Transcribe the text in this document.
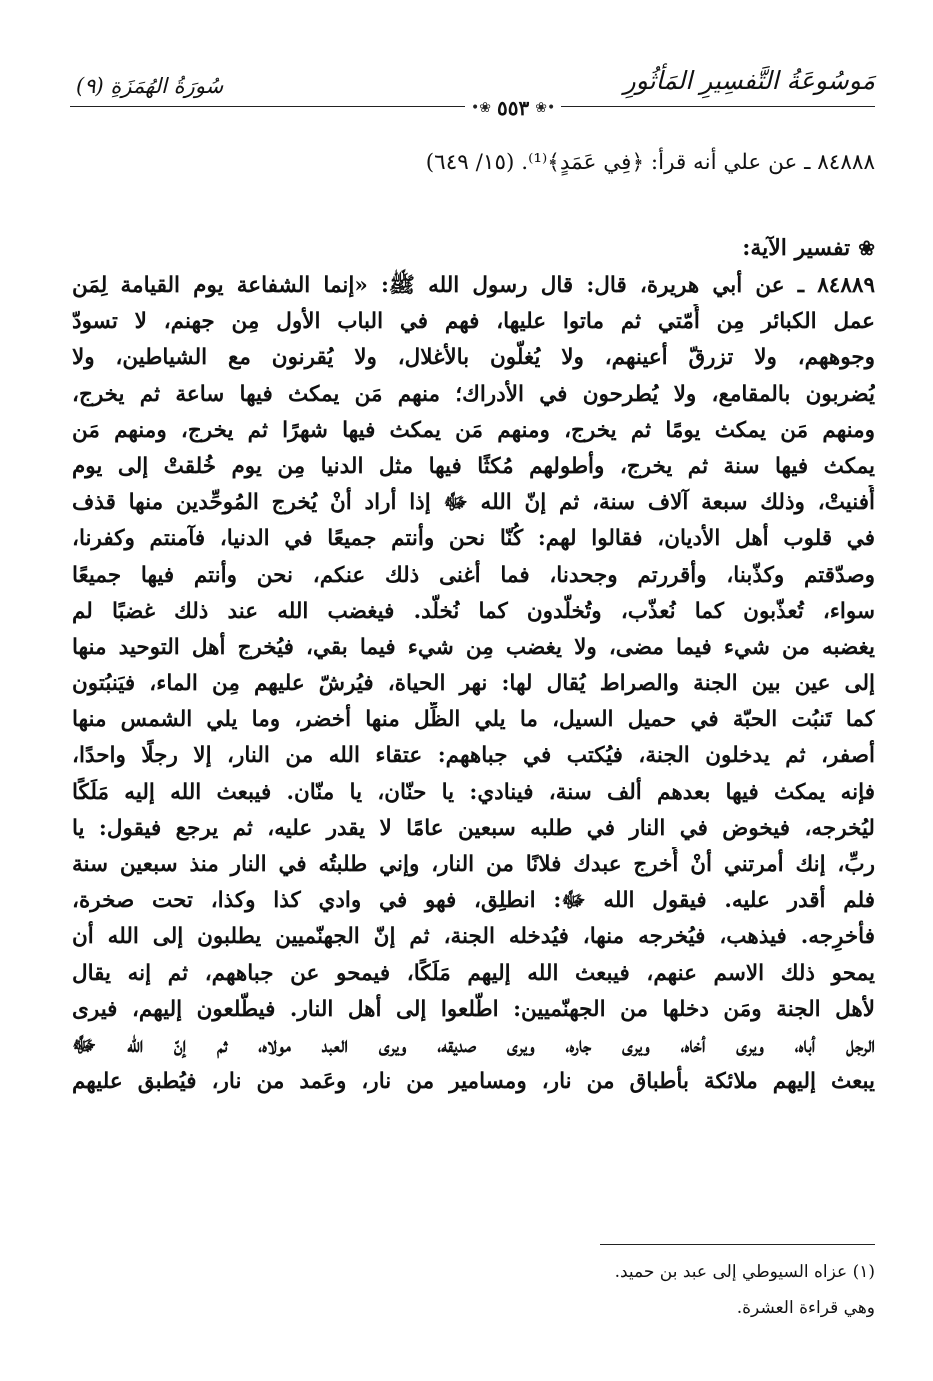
مَوسُوعَةُ التَّفسِيرِ المَأثُورِ
سُورَةُ الهُمَزَةِ (٩)
•❀
٥٥٣
❀•

٨٤٨٨٨ ـ عن علي أنه قرأ: ﴿فِي عَمَدٍ﴾⁽¹⁾. (١٥/ ٦٤٩)

❀
تفسير الآية:
٨٤٨٨٩ ـ عن أبي هريرة، قال: قال رسول الله ﷺ: «إنما الشفاعة يوم القيامة لِمَن
عمل الكبائر مِن أُمّتي ثم ماتوا عليها، فهم في الباب الأول مِن جهنم، لا تسودّ
وجوههم، ولا تزرقّ أعينهم، ولا يُغلّون بالأغلال، ولا يُقرنون مع الشياطين، ولا
يُضربون بالمقامع، ولا يُطرحون في الأدراك؛ منهم مَن يمكث فيها ساعة ثم يخرج،
ومنهم مَن يمكث يومًا ثم يخرج، ومنهم مَن يمكث فيها شهرًا ثم يخرج، ومنهم مَن
يمكث فيها سنة ثم يخرج، وأطولهم مُكثًا فيها مثل الدنيا مِن يوم خُلقتْ إلى يوم
أُفنيتْ، وذلك سبعة آلاف سنة، ثم إنّ الله ﷻ إذا أراد أنْ يُخرج المُوحِّدين منها قذف
في قلوب أهل الأديان، فقالوا لهم: كُنّا نحن وأنتم جميعًا في الدنيا، فآمنتم وكفرنا،
وصدّقتم وكذّبنا، وأقررتم وجحدنا، فما أغنى ذلك عنكم، نحن وأنتم فيها جميعًا
سواء، تُعذّبون كما نُعذّب، وتُخلّدون كما نُخلّد. فيغضب الله عند ذلك غضبًا لم
يغضبه من شيء فيما مضى، ولا يغضب مِن شيء فيما بقي، فيُخرج أهل التوحيد منها
إلى عين بين الجنة والصراط يُقال لها: نهر الحياة، فيُرشّ عليهم مِن الماء، فيَنبُتون
كما تَنبُت الحبّة في حميل السيل، ما يلي الظِّل منها أخضر، وما يلي الشمس منها
أصفر، ثم يدخلون الجنة، فيُكتب في جباههم: عتقاء الله من النار، إلا رجلًا واحدًا،
فإنه يمكث فيها بعدهم ألف سنة، فينادي: يا حنّان، يا منّان. فيبعث الله إليه مَلَكًا
ليُخرجه، فيخوض في النار في طلبه سبعين عامًا لا يقدر عليه، ثم يرجع فيقول: يا
ربِّ، إنك أمرتني أنْ أُخرج عبدك فلانًا من النار، وإني طلبتُه في النار منذ سبعين سنة
فلم أقدر عليه. فيقول الله ﷻ: انطلِق، فهو في وادي كذا وكذا، تحت صخرة،
فأخرِجه. فيذهب، فيُخرجه منها، فيُدخله الجنة، ثم إنّ الجهنّميين يطلبون إلى الله أن
يمحو ذلك الاسم عنهم، فيبعث الله إليهم مَلَكًا، فيمحو عن جباههم، ثم إنه يقال
لأهل الجنة ومَن دخلها من الجهنّميين: اطّلعوا إلى أهل النار. فيطّلعون إليهم، فيرى
الرجل أباه، ويرى أخاه، ويرى جاره، ويرى صديقه، ويرى العبد مولاه، ثم إنّ الله ﷻ
يبعث إليهم ملائكة بأطباق من نار، ومسامير من نار، وعَمد من نار، فيُطبق عليهم
(١) عزاه السيوطي إلى عبد بن حميد.
وهي قراءة العشرة.
